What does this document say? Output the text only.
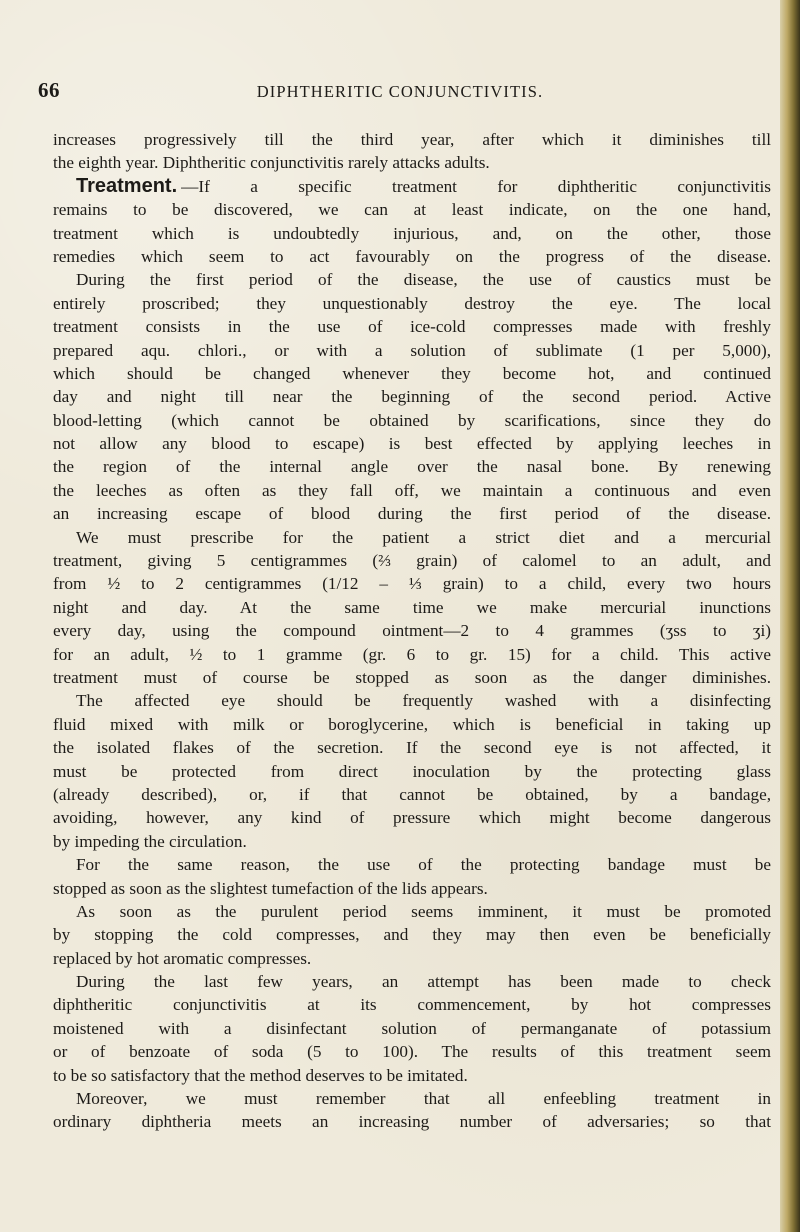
66	DIPHTHERITIC CONJUNCTIVITIS.
increases progressively till the third year, after which it diminishes till
the eighth year. Diphtheritic conjunctivitis rarely attacks adults.
Treatment. —If a specific treatment for diphtheritic conjunctivitis
remains to be discovered, we can at least indicate, on the one hand,
treatment which is undoubtedly injurious, and, on the other, those
remedies which seem to act favourably on the progress of the disease.
During the first period of the disease, the use of caustics must be
entirely proscribed; they unquestionably destroy the eye. The local
treatment consists in the use of ice-cold compresses made with freshly
prepared aqu. chlori., or with a solution of sublimate (1 per 5,000),
which should be changed whenever they become hot, and continued
day and night till near the beginning of the second period. Active
blood-letting (which cannot be obtained by scarifications, since they do
not allow any blood to escape) is best effected by applying leeches in
the region of the internal angle over the nasal bone. By renewing
the leeches as often as they fall off, we maintain a continuous and even
an increasing escape of blood during the first period of the disease.
We must prescribe for the patient a strict diet and a mercurial
treatment, giving 5 centigrammes (⅔ grain) of calomel to an adult, and
from ½ to 2 centigrammes (1/12 – ⅓ grain) to a child, every two hours
night and day. At the same time we make mercurial inunctions
every day, using the compound ointment—2 to 4 grammes (ʒss to ʒi)
for an adult, ½ to 1 gramme (gr. 6 to gr. 15) for a child. This active
treatment must of course be stopped as soon as the danger diminishes.
The affected eye should be frequently washed with a disinfecting
fluid mixed with milk or boroglycerine, which is beneficial in taking up
the isolated flakes of the secretion. If the second eye is not affected, it
must be protected from direct inoculation by the protecting glass
(already described), or, if that cannot be obtained, by a bandage,
avoiding, however, any kind of pressure which might become dangerous
by impeding the circulation.
For the same reason, the use of the protecting bandage must be
stopped as soon as the slightest tumefaction of the lids appears.
As soon as the purulent period seems imminent, it must be promoted
by stopping the cold compresses, and they may then even be beneficially
replaced by hot aromatic compresses.
During the last few years, an attempt has been made to check
diphtheritic conjunctivitis at its commencement, by hot compresses
moistened with a disinfectant solution of permanganate of potassium
or of benzoate of soda (5 to 100). The results of this treatment seem
to be so satisfactory that the method deserves to be imitated.
Moreover, we must remember that all enfeebling treatment in
ordinary diphtheria meets an increasing number of adversaries; so that
